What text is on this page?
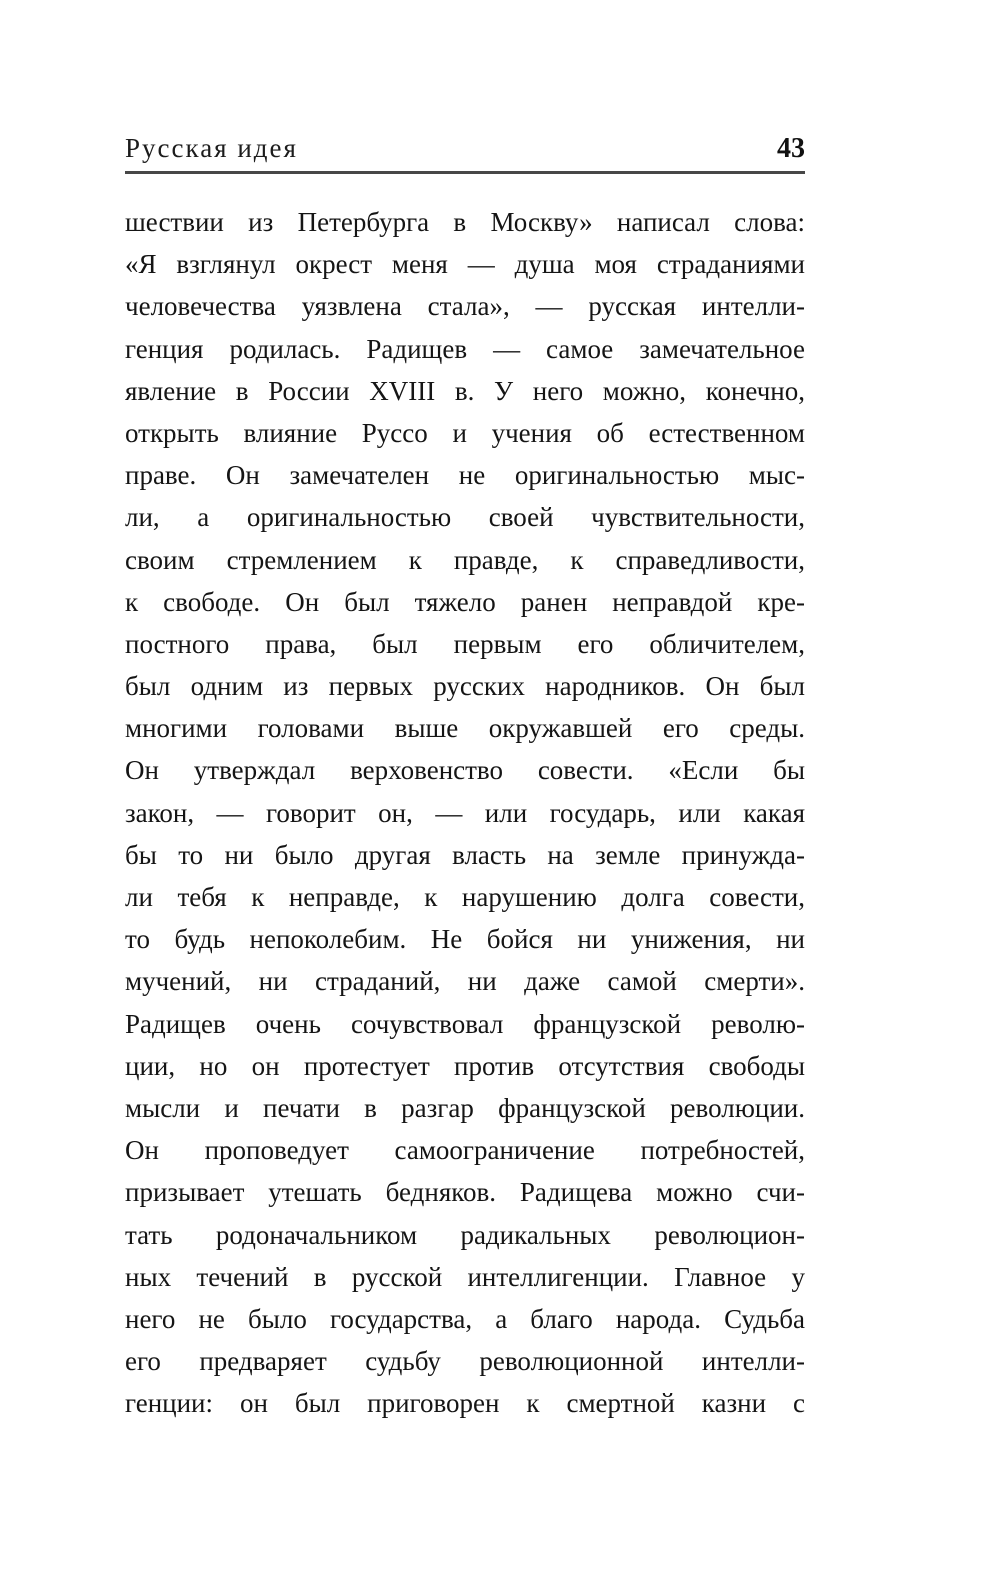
Русская идея	43
шествии из Петербурга в Москву» написал слова:
«Я взглянул окрест меня — душа моя страданиями
человечества уязвлена стала», — русская интелли-
генция родилась. Радищев — самое замечательное
явление в России XVIII в. У него можно, конечно,
открыть влияние Руссо и учения об естественном
праве. Он замечателен не оригинальностью мыс-
ли, а оригинальностью своей чувствительности,
своим стремлением к правде, к справедливости,
к свободе. Он был тяжело ранен неправдой кре-
постного права, был первым его обличителем,
был одним из первых русских народников. Он был
многими головами выше окружавшей его среды.
Он утверждал верховенство совести. «Если бы
закон, — говорит он, — или государь, или какая
бы то ни было другая власть на земле принужда-
ли тебя к неправде, к нарушению долга совести,
то будь непоколебим. Не бойся ни унижения, ни
мучений, ни страданий, ни даже самой смерти».
Радищев очень сочувствовал французской револю-
ции, но он протестует против отсутствия свободы
мысли и печати в разгар французской революции.
Он проповедует самоограничение потребностей,
призывает утешать бедняков. Радищева можно счи-
тать родоначальником радикальных революцион-
ных течений в русской интеллигенции. Главное у
него не было государства, а благо народа. Судьба
его предваряет судьбу революционной интелли-
генции: он был приговорен к смертной казни с
